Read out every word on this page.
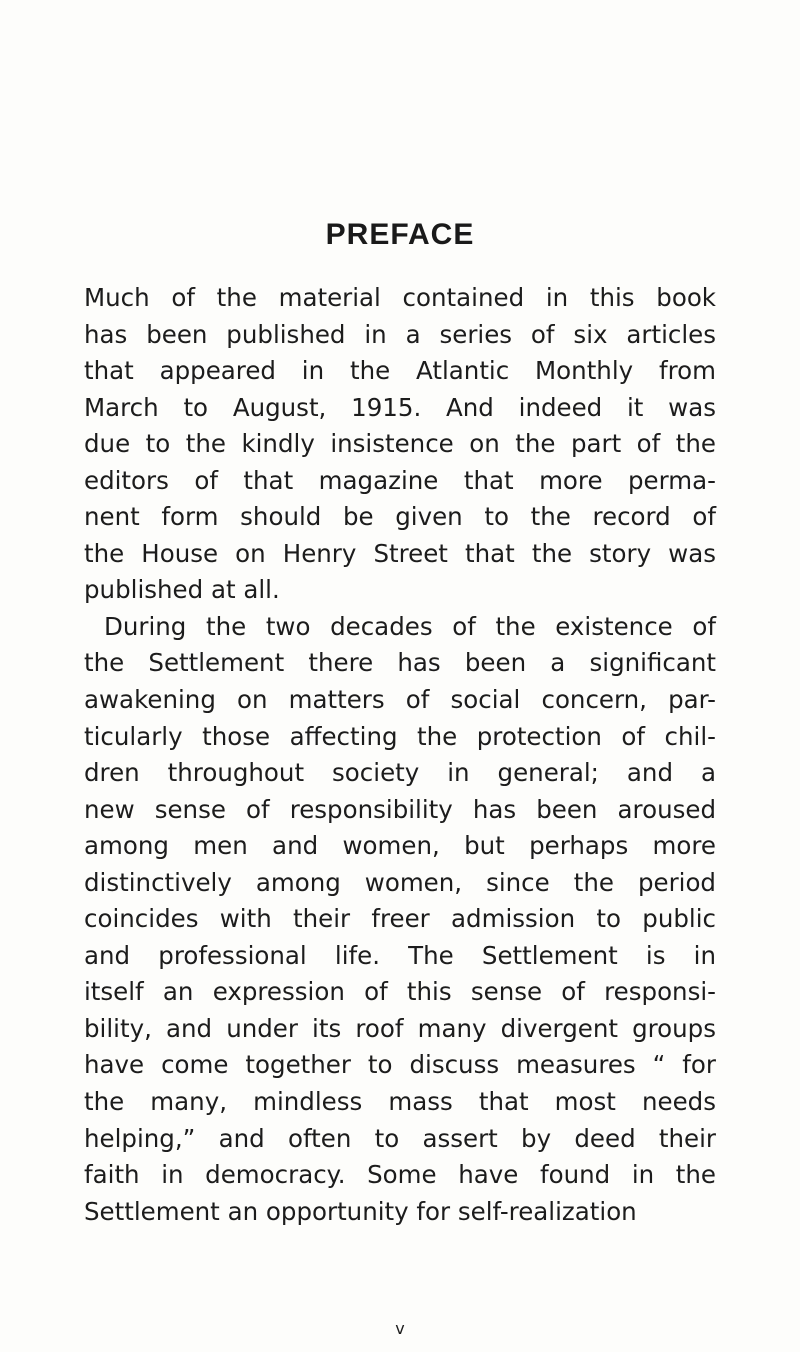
PREFACE
Much of the material contained in this book
has been published in a series of six articles
that appeared in the Atlantic Monthly from
March to August, 1915. And indeed it was
due to the kindly insistence on the part of the
editors of that magazine that more perma-
nent form should be given to the record of
the House on Henry Street that the story was
published at all.
During the two decades of the existence of
the Settlement there has been a significant
awakening on matters of social concern, par-
ticularly those affecting the protection of chil-
dren throughout society in general; and a
new sense of responsibility has been aroused
among men and women, but perhaps more
distinctively among women, since the period
coincides with their freer admission to public
and professional life. The Settlement is in
itself an expression of this sense of responsi-
bility, and under its roof many divergent groups
have come together to discuss measures “ for
the many, mindless mass that most needs
helping,” and often to assert by deed their
faith in democracy. Some have found in the
Settlement an opportunity for self-realization
v
